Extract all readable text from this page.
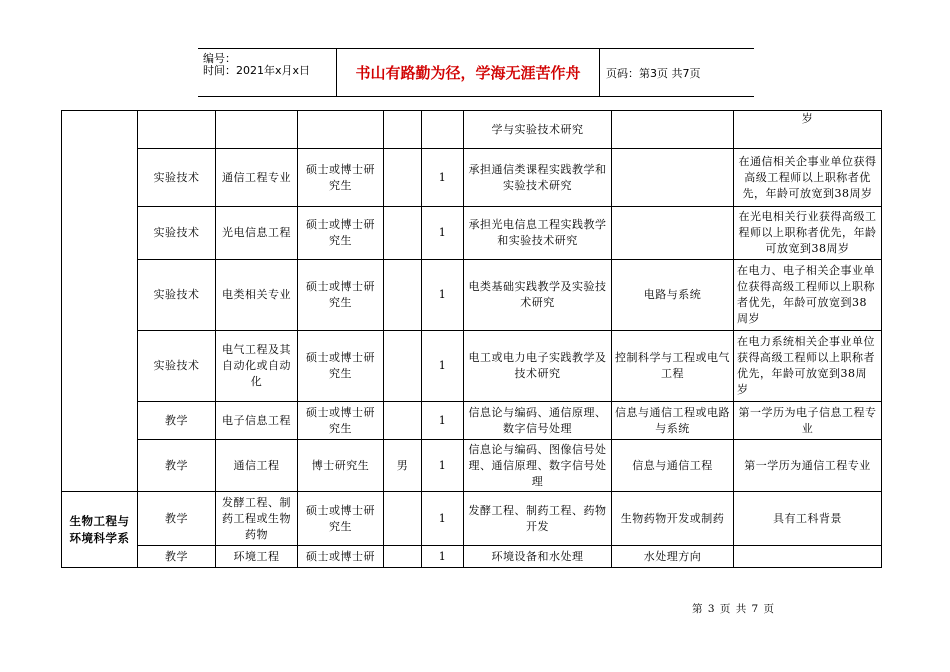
编号：
时间：2021年x月x日	书山有路勤为径，学海无涯苦作舟	页码：第3页 共7页
						学与实验技术研究		岁
	实验技术	通信工程专业	硕士或博士研究生		1	承担通信类课程实践教学和实验技术研究		在通信相关企事业单位获得高级工程师以上职称者优先，年龄可放宽到38周岁
	实验技术	光电信息工程	硕士或博士研究生		1	承担光电信息工程实践教学和实验技术研究		在光电相关行业获得高级工程师以上职称者优先，年龄可放宽到38周岁
	实验技术	电类相关专业	硕士或博士研究生		1	电类基础实践教学及实验技术研究	电路与系统	在电力、电子相关企事业单位获得高级工程师以上职称者优先，年龄可放宽到38周岁
	实验技术	电气工程及其自动化或自动化	硕士或博士研究生		1	电工或电力电子实践教学及技术研究	控制科学与工程或电气工程	在电力系统相关企事业单位获得高级工程师以上职称者优先，年龄可放宽到38周岁
	教学	电子信息工程	硕士或博士研究生		1	信息论与编码、通信原理、数字信号处理	信息与通信工程或电路与系统	第一学历为电子信息工程专业
	教学	通信工程	博士研究生	男	1	信息论与编码、图像信号处理、通信原理、数字信号处理	信息与通信工程	第一学历为通信工程专业
生物工程与环境科学系	教学	发酵工程、制药工程或生物药物	硕士或博士研究生		1	发酵工程、制药工程、药物开发	生物药物开发或制药	具有工科背景
	教学	环境工程	硕士或博士研		1	环境设备和水处理	水处理方向	
第 3 页 共 7 页
